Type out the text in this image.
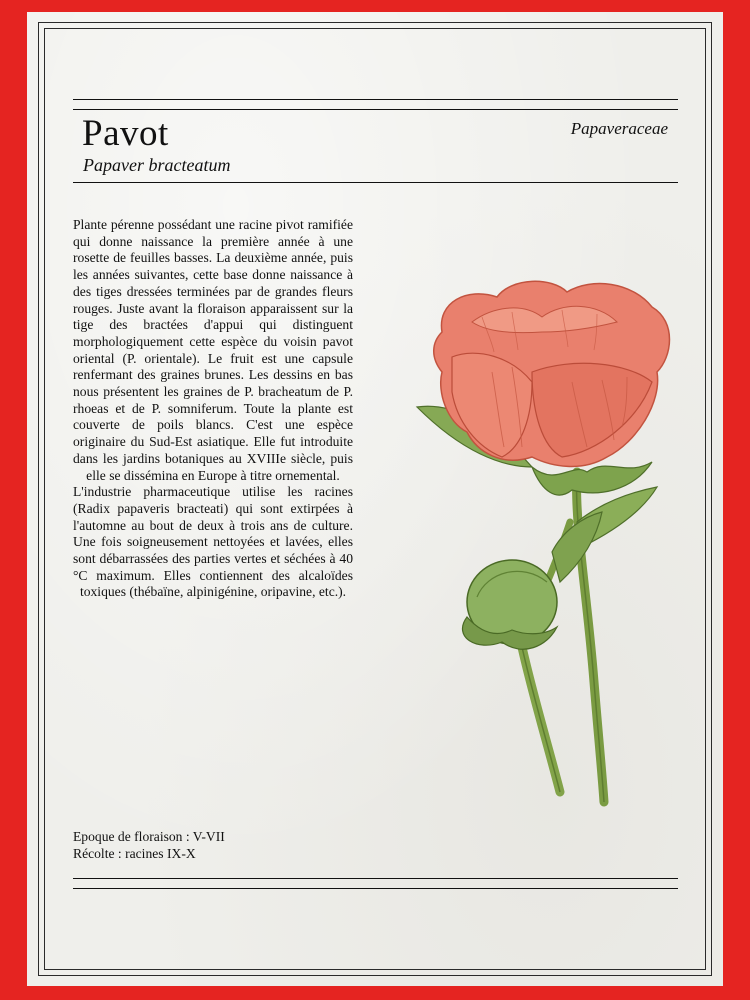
Pavot
Papaver bracteatum
Papaveraceae

Plante pérenne possédant une racine pivot ramifiée qui donne naissance la première année à une rosette de feuilles basses. La deuxième année, puis les années suivantes, cette base donne naissance à des tiges dressées terminées par de grandes fleurs rouges. Juste avant la floraison apparaissent sur la tige des bractées d'appui qui distinguent morphologiquement cette espèce du voisin pavot oriental (P. orientale). Le fruit est une capsule renfermant des graines brunes. Les dessins en bas nous présentent les graines de P. bracheatum de P. rhoeas et de P. somniferum. Toute la plante est couverte de poils blancs. C'est une espèce originaire du Sud-Est asiatique. Elle fut introduite dans les jardins botaniques au XVIIIe siècle, puis elle se dissémina en Europe à titre ornemental.

L'industrie pharmaceutique utilise les racines (Radix papaveris bracteati) qui sont extirpées à l'automne au bout de deux à trois ans de culture. Une fois soigneusement nettoyées et lavées, elles sont débarrassées des parties vertes et séchées à 40 °C maximum. Elles contiennent des alcaloïdes toxiques (thébaïne, alpinigénine, oripavine, etc.).

Epoque de floraison : V-VII
Récolte : racines IX-X
